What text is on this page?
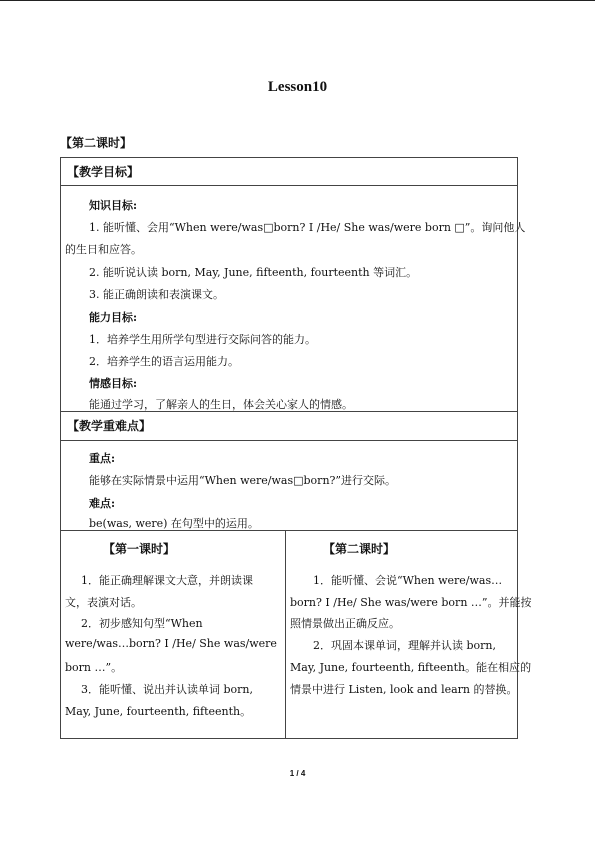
Lesson10
【第二课时】
【教学目标】
知识目标:
1. 能听懂、会用“When were/was□born? I /He/ She was/were born □”。询问他人
的生日和应答。
2. 能听说认读 born, May, June, fifteenth, fourteenth 等词汇。
3. 能正确朗读和表演课文。
能力目标:
1．培养学生用所学句型进行交际问答的能力。
2．培养学生的语言运用能力。
情感目标:
能通过学习，了解亲人的生日，体会关心家人的情感。
【教学重难点】
重点:
能够在实际情景中运用“When were/was□born?”进行交际。
难点:
be(was, were) 在句型中的运用。
【第一课时】
1．能正确理解课文大意，并朗读课
文，表演对话。
2．初步感知句型“When
were/was…born? I /He/ She was/were
born …”。
3．能听懂、说出并认读单词 born,
May, June, fourteenth, fifteenth。
【第二课时】
1．能听懂、会说“When were/was…
born? I /He/ She was/were born …”。并能按
照情景做出正确反应。
2．巩固本课单词，理解并认读 born,
May, June, fourteenth, fifteenth。能在相应的
情景中进行 Listen, look and learn 的替换。
1 / 4
